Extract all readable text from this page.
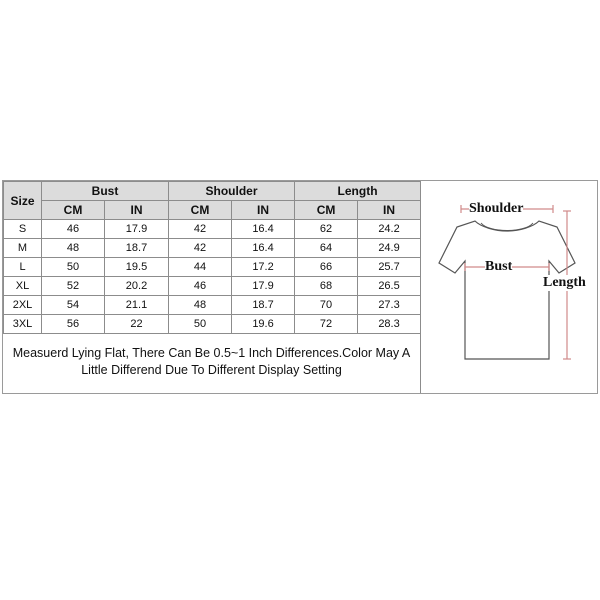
Size	Bust		Shoulder		Length	
	CM	IN	CM	IN	CM	IN
S	46	17.9	42	16.4	62	24.2
M	48	18.7	42	16.4	64	24.9
L	50	19.5	44	17.2	66	25.7
XL	52	20.2	46	17.9	68	26.5
2XL	54	21.1	48	18.7	70	27.3
3XL	56	22	50	19.6	72	28.3
Measuerd Lying Flat, There Can Be 0.5~1 Inch Differences.Color May A
Little Differend Due To Different Display Setting
Shoulder
Bust
Length
